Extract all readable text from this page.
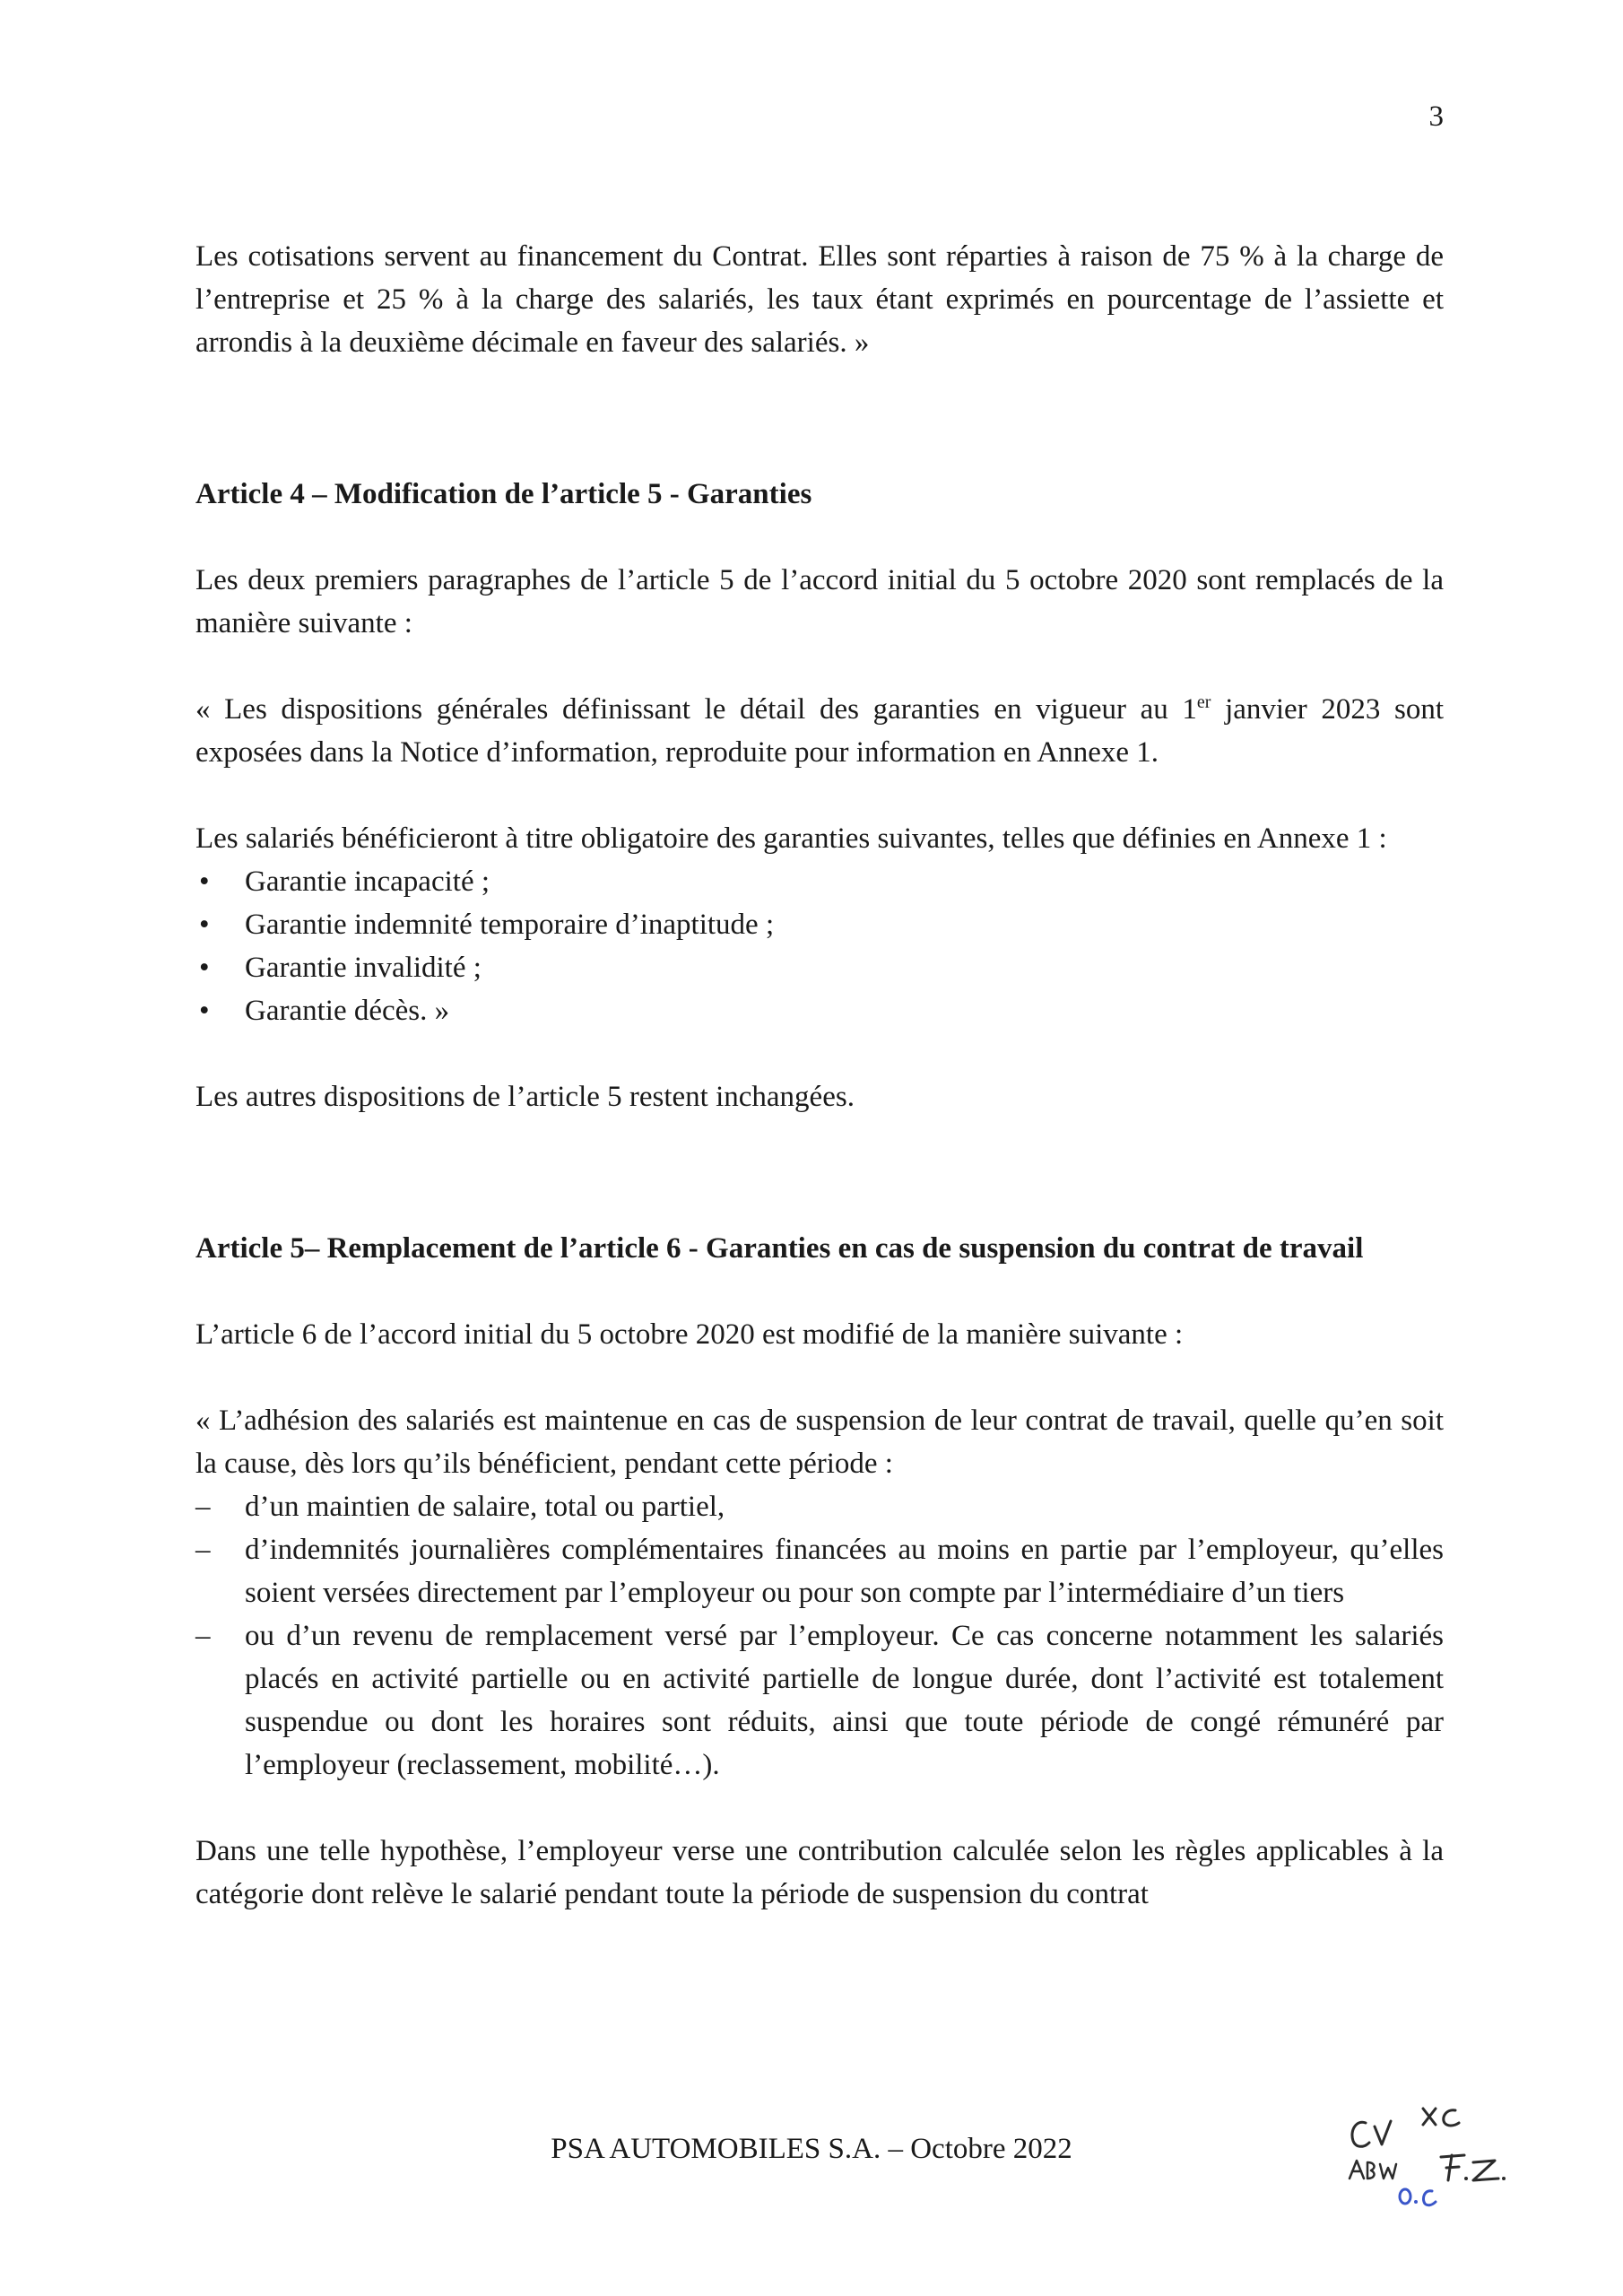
3

Les cotisations servent au financement du Contrat. Elles sont réparties à raison de 75 % à la charge de l’entreprise et 25 % à la charge des salariés, les taux étant exprimés en pourcentage de l’assiette et arrondis à la deuxième décimale en faveur des salariés. »

Article 4 – Modification de l’article 5 - Garanties

Les deux premiers paragraphes de l’article 5 de l’accord initial du 5 octobre 2020 sont remplacés de la manière suivante :

« Les dispositions générales définissant le détail des garanties en vigueur au 1er janvier 2023 sont exposées dans la Notice d’information, reproduite pour information en Annexe 1.

Les salariés bénéficieront à titre obligatoire des garanties suivantes, telles que définies en Annexe 1 :

• Garantie incapacité ;
• Garantie indemnité temporaire d’inaptitude ;
• Garantie invalidité ;
• Garantie décès. »

Les autres dispositions de l’article 5 restent inchangées.

Article 5– Remplacement de l’article 6 - Garanties en cas de suspension du contrat de travail

L’article 6 de l’accord initial du 5 octobre 2020 est modifié de la manière suivante :

« L’adhésion des salariés est maintenue en cas de suspension de leur contrat de travail, quelle qu’en soit la cause, dès lors qu’ils bénéficient, pendant cette période :

– d’un maintien de salaire, total ou partiel,
– d’indemnités journalières complémentaires financées au moins en partie par l’employeur, qu’elles soient versées directement par l’employeur ou pour son compte par l’intermédiaire d’un tiers
– ou d’un revenu de remplacement versé par l’employeur. Ce cas concerne notamment les salariés placés en activité partielle ou en activité partielle de longue durée, dont l’activité est totalement suspendue ou dont les horaires sont réduits, ainsi que toute période de congé rémunéré par l’employeur (reclassement, mobilité…).

Dans une telle hypothèse, l’employeur verse une contribution calculée selon les règles applicables à la catégorie dont relève le salarié pendant toute la période de suspension du contrat

PSA AUTOMOBILES S.A. – Octobre 2022
